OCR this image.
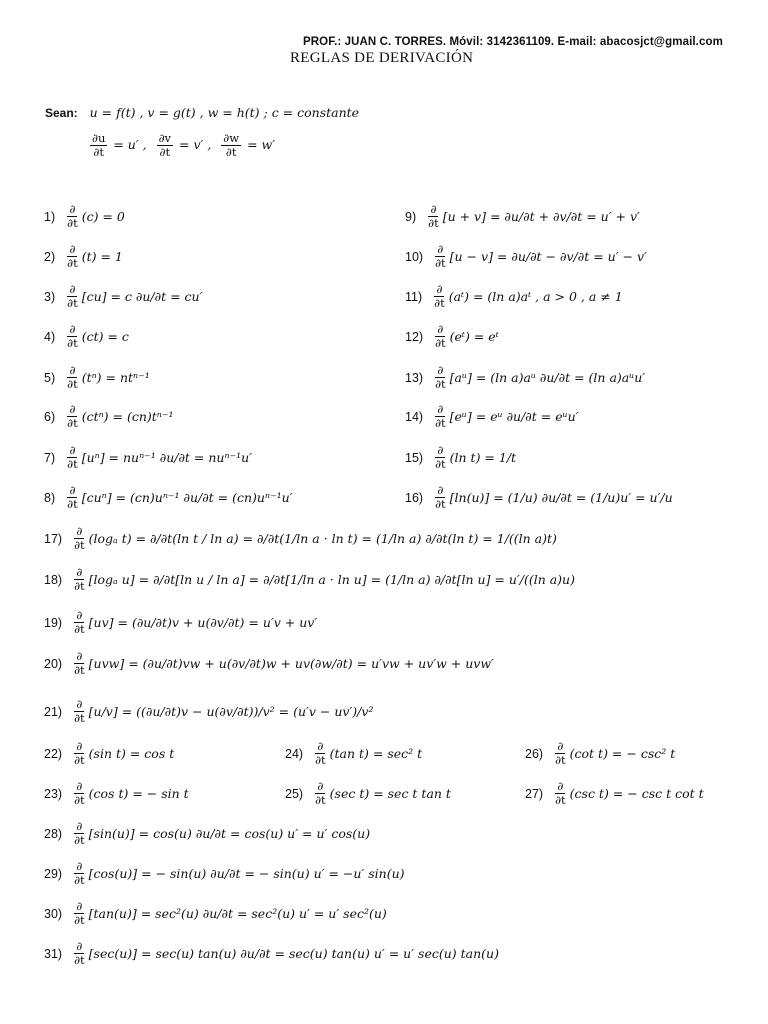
PROF.: JUAN C. TORRES. Móvil: 3142361109. E-mail: abacosjct@gmail.com
REGLAS DE DERIVACIÓN
Sean: u = f(t) , v = g(t) , w = h(t) ; c = constante
$\frac{\partial u}{\partial t} = u'$ , $\frac{\partial v}{\partial t} = v'$ , $\frac{\partial w}{\partial t} = w'$
$1) \frac{\partial}{\partial t} (c) = 0$
$2) \frac{\partial}{\partial t} (t) = 1$
$3) \frac{\partial}{\partial t} [cu] = c$ ∂u/∂t = cu′
$4) \frac{\partial}{\partial t} (ct) = c$
$5) \frac{\partial}{\partial t} (t^n) = nt^{n-1}$
$6) \frac{\partial}{\partial t} (ct^n) = (cn)t^{n-1}$
$7) \frac{\partial}{\partial t} [u^n] = nu^{n-1}$ ∂u/∂t = nuⁿ⁻¹u′
$8) \frac{\partial}{\partial t} [cu^n] = (cn)u^{n-1}$ ∂u/∂t = (cn)uⁿ⁻¹u′
$9) \frac{\partial}{\partial t} [u + v] = \partial u/\partial t + \partial v/\partial t = u' + v'$
$10) \frac{\partial}{\partial t} [u - v] = \partial u/\partial t - \partial v/\partial t = u' - v'$
$11) \frac{\partial}{\partial t}$ (aᵗ) = (ln a)aᵗ , a > 0 , a ≠ 1
$12) \frac{\partial}{\partial t}$ (eᵗ) = eᵗ
$13) \frac{\partial}{\partial t}$ [aᵘ] = (ln a)aᵘ ∂u/∂t = (ln a)aᵘu′
$14) \frac{\partial}{\partial t}$ [eᵘ] = eᵘ ∂u/∂t = eᵘu′
$15) \frac{\partial}{\partial t} (\ln$ t) = 1/t
$16) \frac{\partial}{\partial t} [\ln(u)] = (1/u) \partial u/\partial t = (1/u)u' = u'/u$
$17) \frac{\partial}{\partial t} (\log_a$ t) = ∂/∂t(ln t / ln a) = ∂/∂t(1/ln a · ln t) = (1/ln a) ∂/∂t(ln t) = 1/((ln a)t)
$18) \frac{\partial}{\partial t} [\log_a$ u] = ∂/∂t[ln u / ln a] = ∂/∂t[1/ln a · ln u] = (1/ln a) ∂/∂t[ln u] = u′/((ln a)u)
$19) \frac{\partial}{\partial t} [uv] = (\partial u/\partial t)v + u(\partial v/\partial t) = u'v + uv'$
$20) \frac{\partial}{\partial t} [uvw] = (\partial u/\partial t)vw + u(\partial v/\partial t)w + uv(\partial w/\partial t) = u'vw + uv'w + uvw'$
$21) \frac{\partial}{\partial t} [u/v] = ((\partial u/\partial t)v - u(\partial v/\partial t))/v^2 = (u'v - uv')/v^2$
$22) \frac{\partial}{\partial t} (\sin$ t) = cos t
$23) \frac{\partial}{\partial t} (\cos$ t) = − sin t
$24) \frac{\partial}{\partial t} (\tan$ t) = sec² t
$25) \frac{\partial}{\partial t} (\sec$ t) = sec t tan t
$26) \frac{\partial}{\partial t} (\cot$ t) = − csc² t
$27) \frac{\partial}{\partial t} (\csc$ t) = − csc t cot t
$28) \frac{\partial}{\partial t} [\sin(u)] = \cos(u) \partial u/\partial t = \cos(u) u' = u'$ cos(u)
$29) \frac{\partial}{\partial t} [\cos(u)]$ = − sin(u) ∂u/∂t = − sin(u) u′ = −u′ sin(u)
$30) \frac{\partial}{\partial t} [\tan(u)] = \sec^2(u) \partial u/\partial t = \sec^2(u) u' = u'$ sec²(u)
$31) \frac{\partial}{\partial t} [\sec(u)] = \sec(u)$ tan(u) ∂u/∂t = sec(u) tan(u) u′ = u′ sec(u) tan(u)
